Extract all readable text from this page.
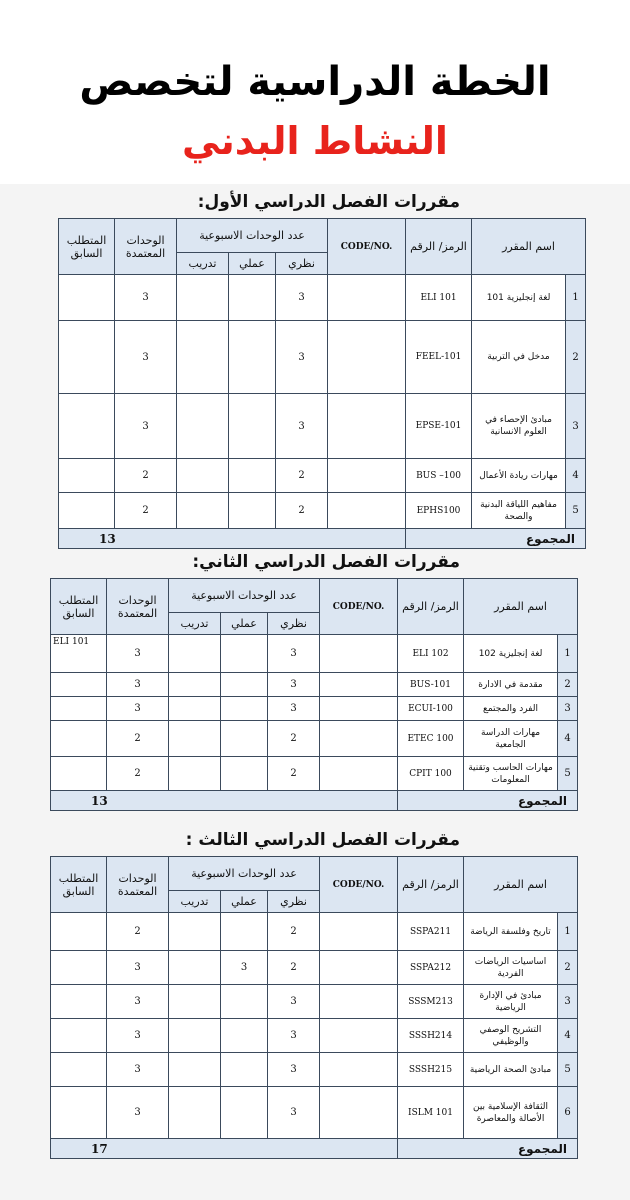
الخطة الدراسية لتخصص
النشاط البدني
مقررات الفصل الدراسي الأول:
المتطلب السابق	الوحدات المعتمدة	عدد الوحدات الاسبوعية			CODE/NO.	الرمز/ الرقم	اسم المقرر	
		تدريب	عملي	نظري				
	3			3		ELI 101	لغة إنجليزية 101	1
	3			3		FEEL-101	مدخل في التربية	2
	3			3		EPSE-101	مبادئ الإحصاء في العلوم الانسانية	3
	2			2		BUS –100	مهارات ريادة الأعمال	4
	2			2		EPHS100	مفاهيم اللياقة البدنية والصحة	5
13						المجموع		
مقررات الفصل الدراسي الثاني:
المتطلب السابق	الوحدات المعتمدة	عدد الوحدات الاسبوعية			CODE/NO.	الرمز/ الرقم	اسم المقرر	
		تدريب	عملي	نظري				
ELI 101	3			3		ELI 102	لغة إنجليزية 102	1
	3			3		BUS-101	مقدمة في الادارة	2
	3			3		ECUI-100	الفرد والمجتمع	3
	2			2		ETEC 100	مهارات الدراسة الجامعية	4
	2			2		CPIT 100	مهارات الحاسب وتقنية المعلومات	5
13						المجموع		
مقررات الفصل الدراسي الثالث :
المتطلب السابق	الوحدات المعتمدة	عدد الوحدات الاسبوعية			CODE/NO.	الرمز/ الرقم	اسم المقرر	
		تدريب	عملي	نظري				
	2			2		SSPA211	تاريخ وفلسفة الرياضة	1
	3		3	2		SSPA212	اساسيات الرياضات الفردية	2
	3			3		SSSM213	مبادئ في الإدارة الرياضية	3
	3			3		SSSH214	التشريح الوصفي والوظيفي	4
	3			3		SSSH215	مبادئ الصحة الرياضية	5
	3			3		ISLM 101	الثقافة الإسلامية بين الأصالة والمعاصرة	6
17						المجموع		
